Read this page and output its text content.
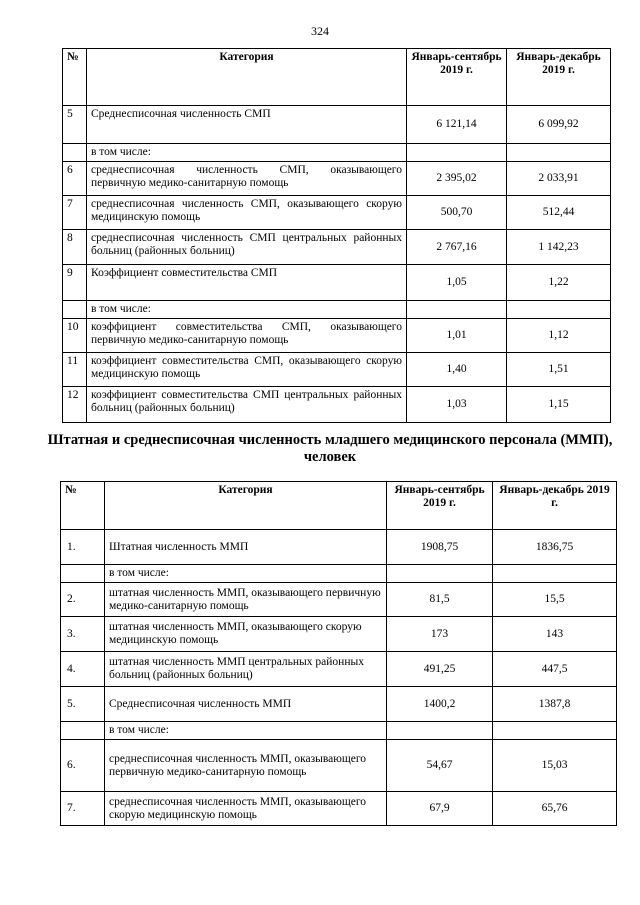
324
№	Категория	Январь-сентябрь 2019 г.	Январь-декабрь 2019 г.
5	Среднесписочная численность СМП	6 121,14	6 099,92
	в том числе:		
6	среднесписочная численность СМП, оказывающего первичную медико-санитарную помощь	2 395,02	2 033,91
7	среднесписочная численность СМП, оказывающего скорую медицинскую помощь	500,70	512,44
8	среднесписочная численность СМП центральных районных больниц (районных больниц)	2 767,16	1 142,23
9	Коэффициент совместительства СМП	1,05	1,22
	в том числе:		
10	коэффициент совместительства СМП, оказывающего первичную медико-санитарную помощь	1,01	1,12
11	коэффициент совместительства СМП, оказывающего скорую медицинскую помощь	1,40	1,51
12	коэффициент совместительства СМП центральных районных больниц (районных больниц)	1,03	1,15
Штатная и среднесписочная численность младшего медицинского персонала (ММП), человек
№	Категория	Январь-сентябрь 2019 г.	Январь-декабрь 2019 г.
1.	Штатная численность ММП	1908,75	1836,75
	в том числе:		
2.	штатная численность ММП, оказывающего первичную медико-санитарную помощь	81,5	15,5
3.	штатная численность ММП, оказывающего скорую медицинскую помощь	173	143
4.	штатная численность ММП центральных районных больниц (районных больниц)	491,25	447,5
5.	Среднесписочная численность ММП	1400,2	1387,8
	в том числе:		
6.	среднесписочная численность ММП, оказывающего первичную медико-санитарную помощь	54,67	15,03
7.	среднесписочная численность ММП, оказывающего скорую медицинскую помощь	67,9	65,76
